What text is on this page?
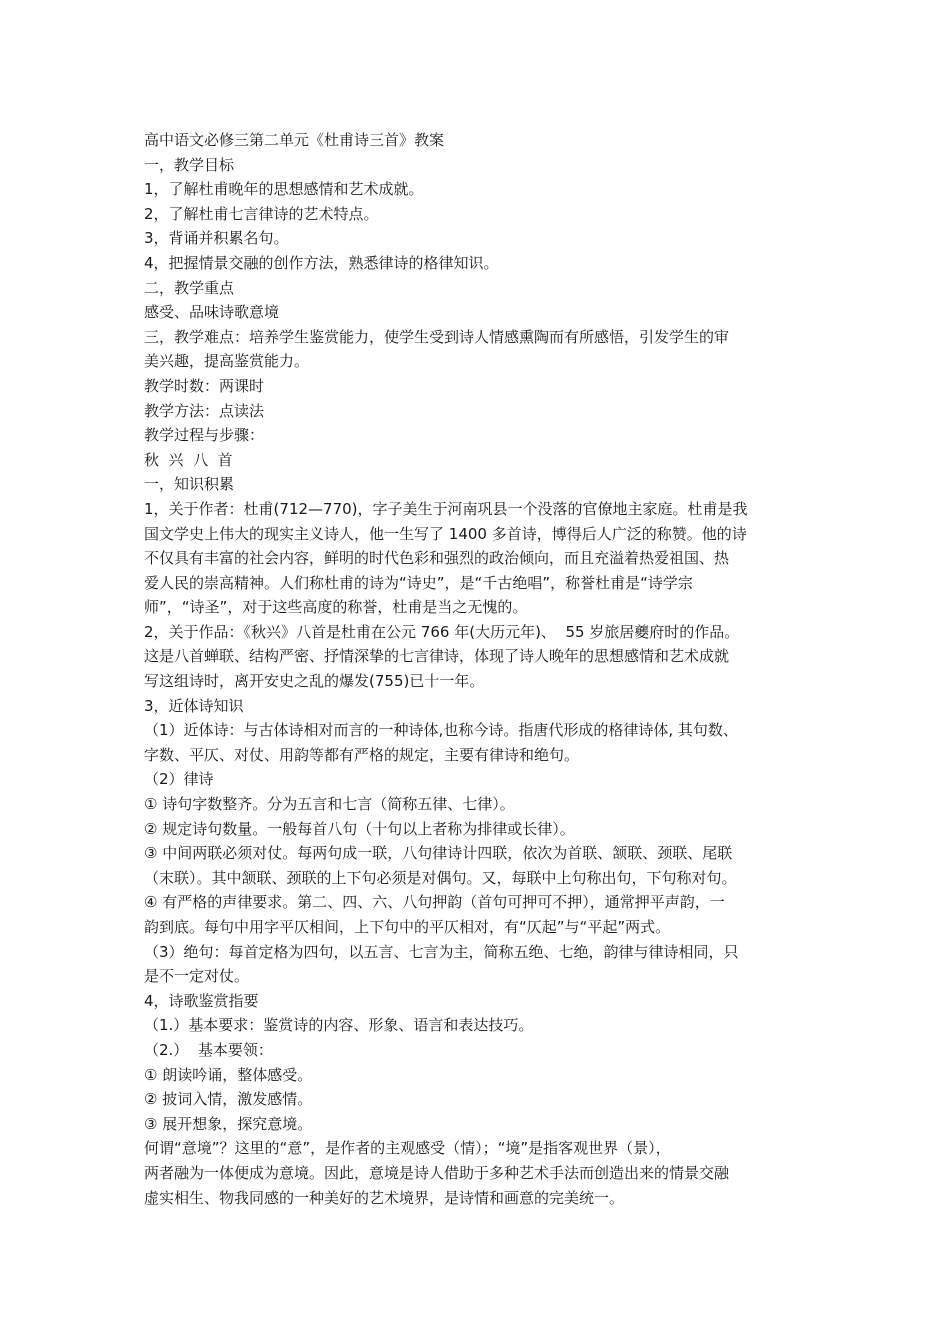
高中语文必修三第二单元《杜甫诗三首》教案

一，教学目标

1，了解杜甫晚年的思想感情和艺术成就。

2，了解杜甫七言律诗的艺术特点。

3，背诵并积累名句。

4，把握情景交融的创作方法，熟悉律诗的格律知识。

二，教学重点

感受、品味诗歌意境

三，教学难点：培养学生鉴赏能力，使学生受到诗人情感熏陶而有所感悟，引发学生的审

美兴趣，提高鉴赏能力。

教学时数：两课时

教学方法：点读法

教学过程与步骤：

秋  兴  八  首

一，知识积累

1，关于作者：杜甫(712—770)，字子美生于河南巩县一个没落的官僚地主家庭。杜甫是我

国文学史上伟大的现实主义诗人，他一生写了 1400 多首诗，博得后人广泛的称赞。他的诗

不仅具有丰富的社会内容，鲜明的时代色彩和强烈的政治倾向，而且充溢着热爱祖国、热

爱人民的崇高精神。人们称杜甫的诗为“诗史”，是“千古绝唱”，称誉杜甫是“诗学宗

师”，“诗圣”，对于这些高度的称誉，杜甫是当之无愧的。

2，关于作品：《秋兴》八首是杜甫在公元 766 年(大历元年)、  55 岁旅居夔府时的作品。

这是八首蝉联、结构严密、抒情深挚的七言律诗，体现了诗人晚年的思想感情和艺术成就

写这组诗时，离开安史之乱的爆发(755)已十一年。

3，近体诗知识

（1）近体诗：与古体诗相对而言的一种诗体,也称今诗。指唐代形成的格律诗体, 其句数、

字数、平仄、对仗、用韵等都有严格的规定，主要有律诗和绝句。

（2）律诗

① 诗句字数整齐。分为五言和七言（简称五律、七律）。

② 规定诗句数量。一般每首八句（十句以上者称为排律或长律）。

③ 中间两联必须对仗。每两句成一联，八句律诗计四联，依次为首联、颔联、颈联、尾联

（末联）。其中颔联、颈联的上下句必须是对偶句。又，每联中上句称出句，下句称对句。

④ 有严格的声律要求。第二、四、六、八句押韵（首句可押可不押），通常押平声韵，一

韵到底。每句中用字平仄相间，上下句中的平仄相对，有“仄起”与“平起”两式。

（3）绝句：每首定格为四句，以五言、七言为主，简称五绝、七绝，韵律与律诗相同，只

是不一定对仗。

4，诗歌鉴赏指要

（1.）基本要求：鉴赏诗的内容、形象、语言和表达技巧。

（2.）  基本要领：

① 朗读吟诵，整体感受。

② 披词入情，激发感情。

③ 展开想象，探究意境。

何谓“意境”？这里的“意”，是作者的主观感受（情）；“境”是指客观世界（景），

两者融为一体便成为意境。因此，意境是诗人借助于多种艺术手法而创造出来的情景交融

虚实相生、物我同感的一种美好的艺术境界，是诗情和画意的完美统一。
